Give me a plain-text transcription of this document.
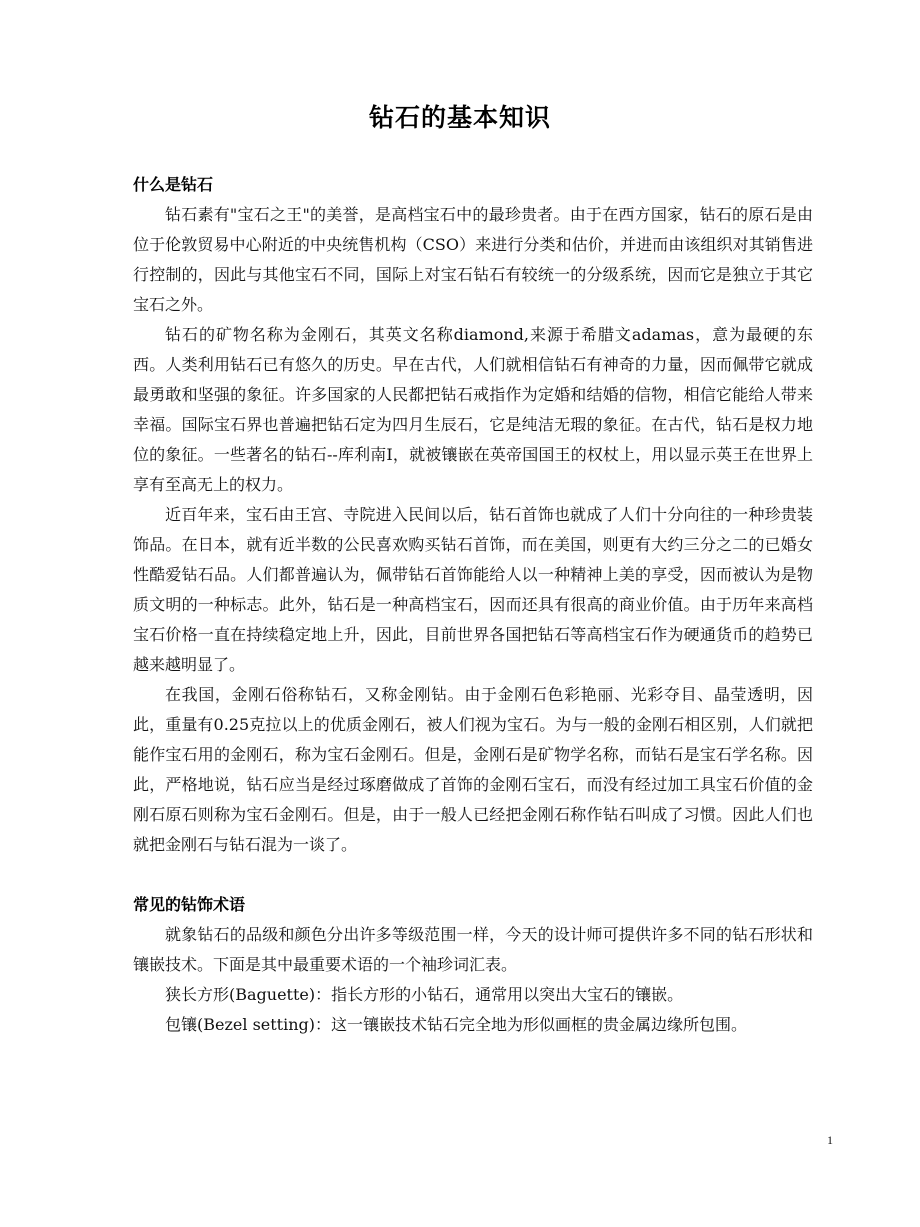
钻石的基本知识
什么是钻石

钻石素有"宝石之王"的美誉，是高档宝石中的最珍贵者。由于在西方国家，钻石的原石是由位于伦敦贸易中心附近的中央统售机构（CSO）来进行分类和估价，并进而由该组织对其销售进行控制的，因此与其他宝石不同，国际上对宝石钻石有较统一的分级系统，因而它是独立于其它宝石之外。

钻石的矿物名称为金刚石，其英文名称diamond,来源于希腊文adamas，意为最硬的东西。人类利用钻石已有悠久的历史。早在古代，人们就相信钻石有神奇的力量，因而佩带它就成最勇敢和坚强的象征。许多国家的人民都把钻石戒指作为定婚和结婚的信物，相信它能给人带来幸福。国际宝石界也普遍把钻石定为四月生辰石，它是纯洁无瑕的象征。在古代，钻石是权力地位的象征。一些著名的钻石--库利南Ⅰ，就被镶嵌在英帝国国王的权杖上，用以显示英王在世界上享有至高无上的权力。

近百年来，宝石由王宫、寺院进入民间以后，钻石首饰也就成了人们十分向往的一种珍贵装饰品。在日本，就有近半数的公民喜欢购买钻石首饰，而在美国，则更有大约三分之二的已婚女性酷爱钻石品。人们都普遍认为，佩带钻石首饰能给人以一种精神上美的享受，因而被认为是物质文明的一种标志。此外，钻石是一种高档宝石，因而还具有很高的商业价值。由于历年来高档宝石价格一直在持续稳定地上升，因此，目前世界各国把钻石等高档宝石作为硬通货币的趋势已越来越明显了。

在我国，金刚石俗称钻石，又称金刚钻。由于金刚石色彩艳丽、光彩夺目、晶莹透明，因此，重量有0.25克拉以上的优质金刚石，被人们视为宝石。为与一般的金刚石相区别，人们就把能作宝石用的金刚石，称为宝石金刚石。但是，金刚石是矿物学名称，而钻石是宝石学名称。因此，严格地说，钻石应当是经过琢磨做成了首饰的金刚石宝石，而没有经过加工具宝石价值的金刚石原石则称为宝石金刚石。但是，由于一般人已经把金刚石称作钻石叫成了习惯。因此人们也就把金刚石与钻石混为一谈了。

常见的钻饰术语

就象钻石的品级和颜色分出许多等级范围一样，今天的设计师可提供许多不同的钻石形状和镶嵌技术。下面是其中最重要术语的一个袖珍词汇表。

狭长方形(Baguette)：指长方形的小钻石，通常用以突出大宝石的镶嵌。

包镶(Bezel setting)：这一镶嵌技术钻石完全地为形似画框的贵金属边缘所包围。

1
